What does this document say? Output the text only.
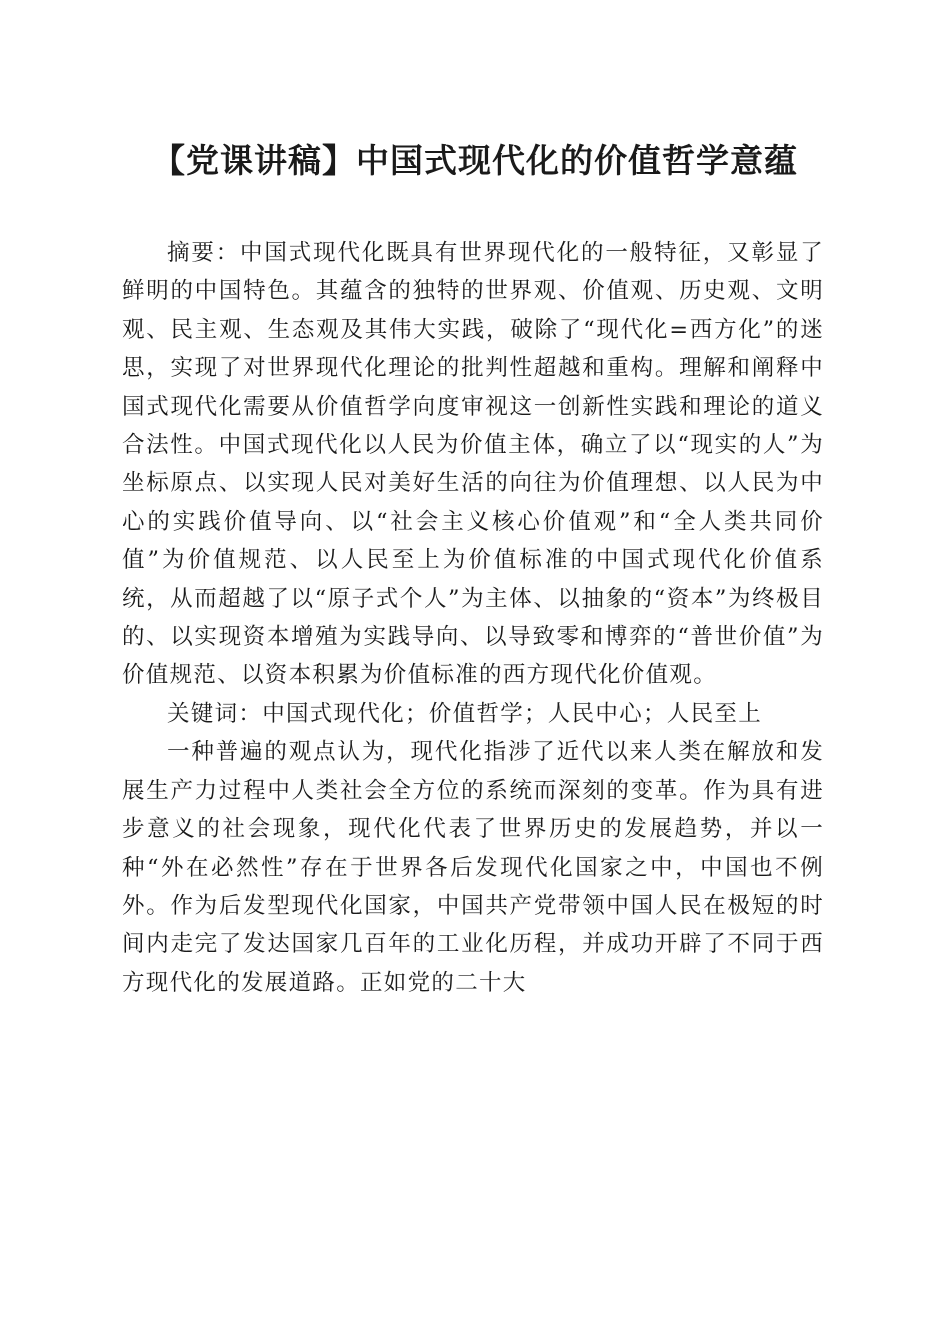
【党课讲稿】中国式现代化的价值哲学意蕴

摘要：中国式现代化既具有世界现代化的一般特征，又彰显了鲜明的中国特色。其蕴含的独特的世界观、价值观、历史观、文明观、民主观、生态观及其伟大实践，破除了“现代化=西方化”的迷思，实现了对世界现代化理论的批判性超越和重构。理解和阐释中国式现代化需要从价值哲学向度审视这一创新性实践和理论的道义合法性。中国式现代化以人民为价值主体，确立了以“现实的人”为坐标原点、以实现人民对美好生活的向往为价值理想、以人民为中心的实践价值导向、以“社会主义核心价值观”和“全人类共同价值”为价值规范、以人民至上为价值标准的中国式现代化价值系统，从而超越了以“原子式个人”为主体、以抽象的“资本”为终极目的、以实现资本增殖为实践导向、以导致零和博弈的“普世价值”为价值规范、以资本积累为价值标准的西方现代化价值观。

关键词：中国式现代化；价值哲学；人民中心；人民至上

一种普遍的观点认为，现代化指涉了近代以来人类在解放和发展生产力过程中人类社会全方位的系统而深刻的变革。作为具有进步意义的社会现象，现代化代表了世界历史的发展趋势，并以一种“外在必然性”存在于世界各后发现代化国家之中，中国也不例外。作为后发型现代化国家，中国共产党带领中国人民在极短的时间内走完了发达国家几百年的工业化历程，并成功开辟了不同于西方现代化的发展道路。正如党的二十大
